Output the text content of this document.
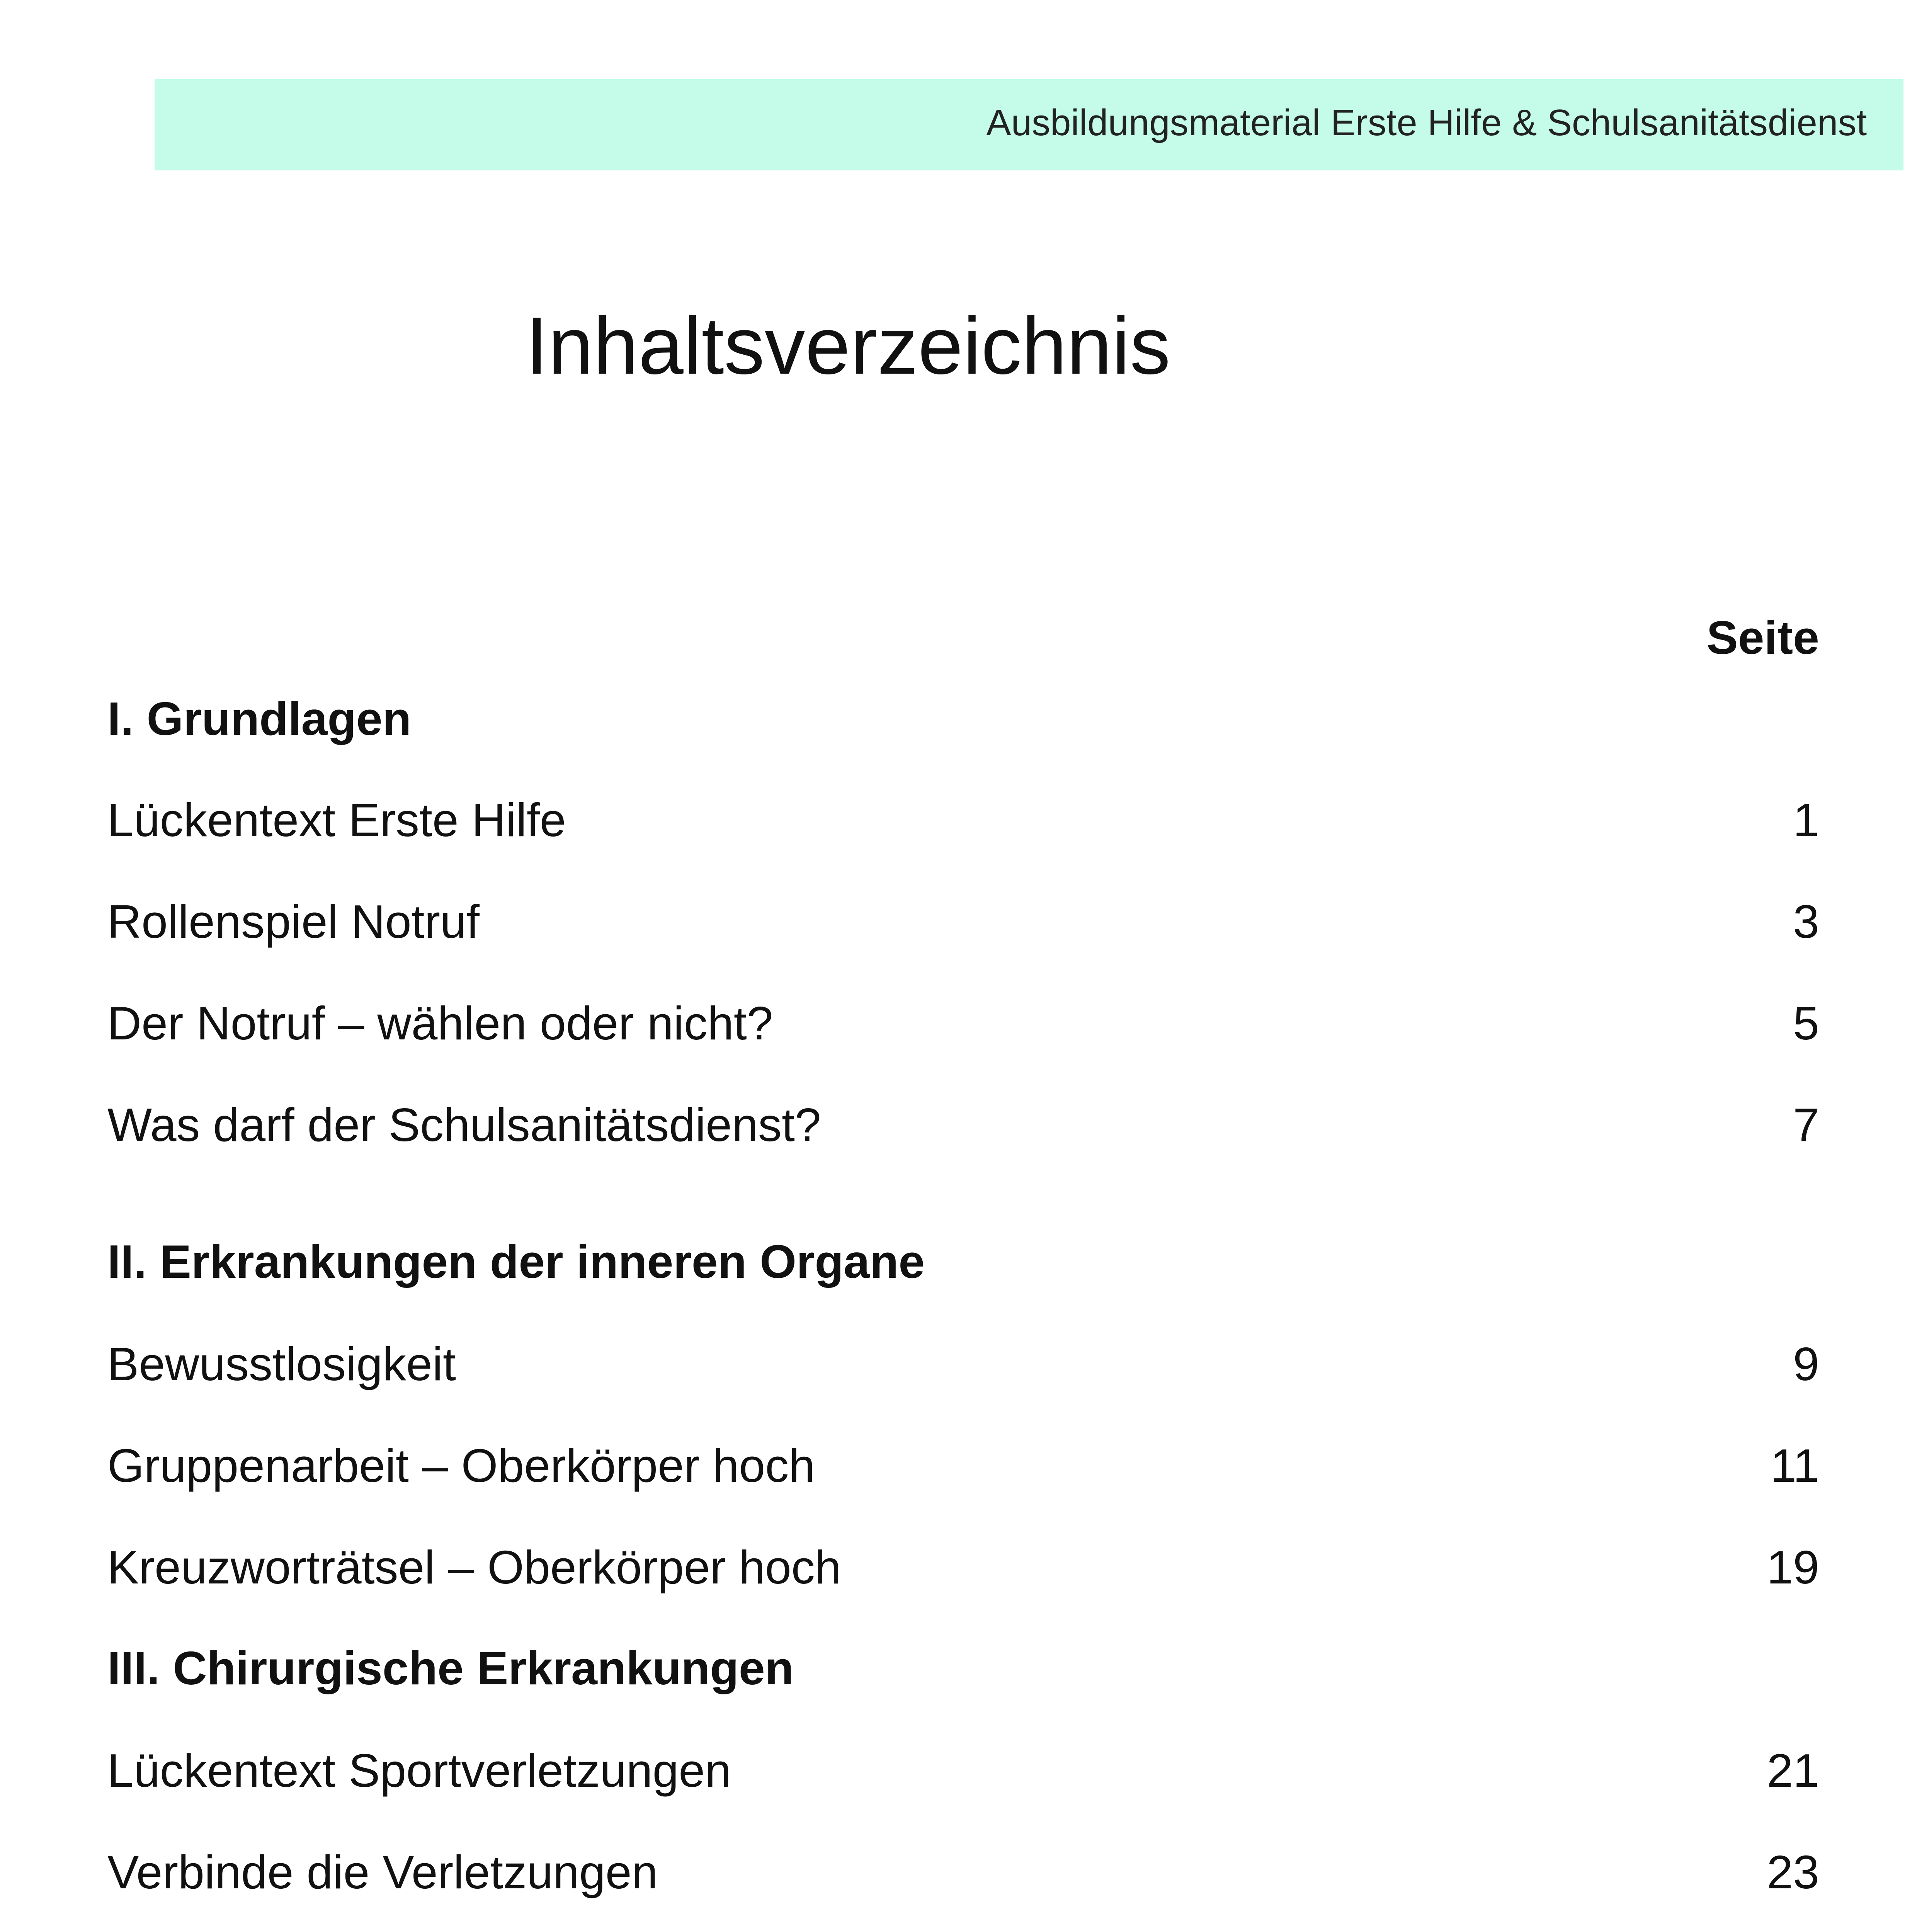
Ausbildungsmaterial Erste Hilfe & Schulsanitätsdienst
Inhaltsverzeichnis
Seite
I. Grundlagen
Lückentext Erste Hilfe	1
Rollenspiel Notruf	3
Der Notruf – wählen oder nicht?	5
Was darf der Schulsanitätsdienst?	7
II. Erkrankungen der inneren Organe
Bewusstlosigkeit	9
Gruppenarbeit – Oberkörper hoch	11
Kreuzworträtsel – Oberkörper hoch	19
III. Chirurgische Erkrankungen
Lückentext Sportverletzungen	21
Verbinde die Verletzungen	23
